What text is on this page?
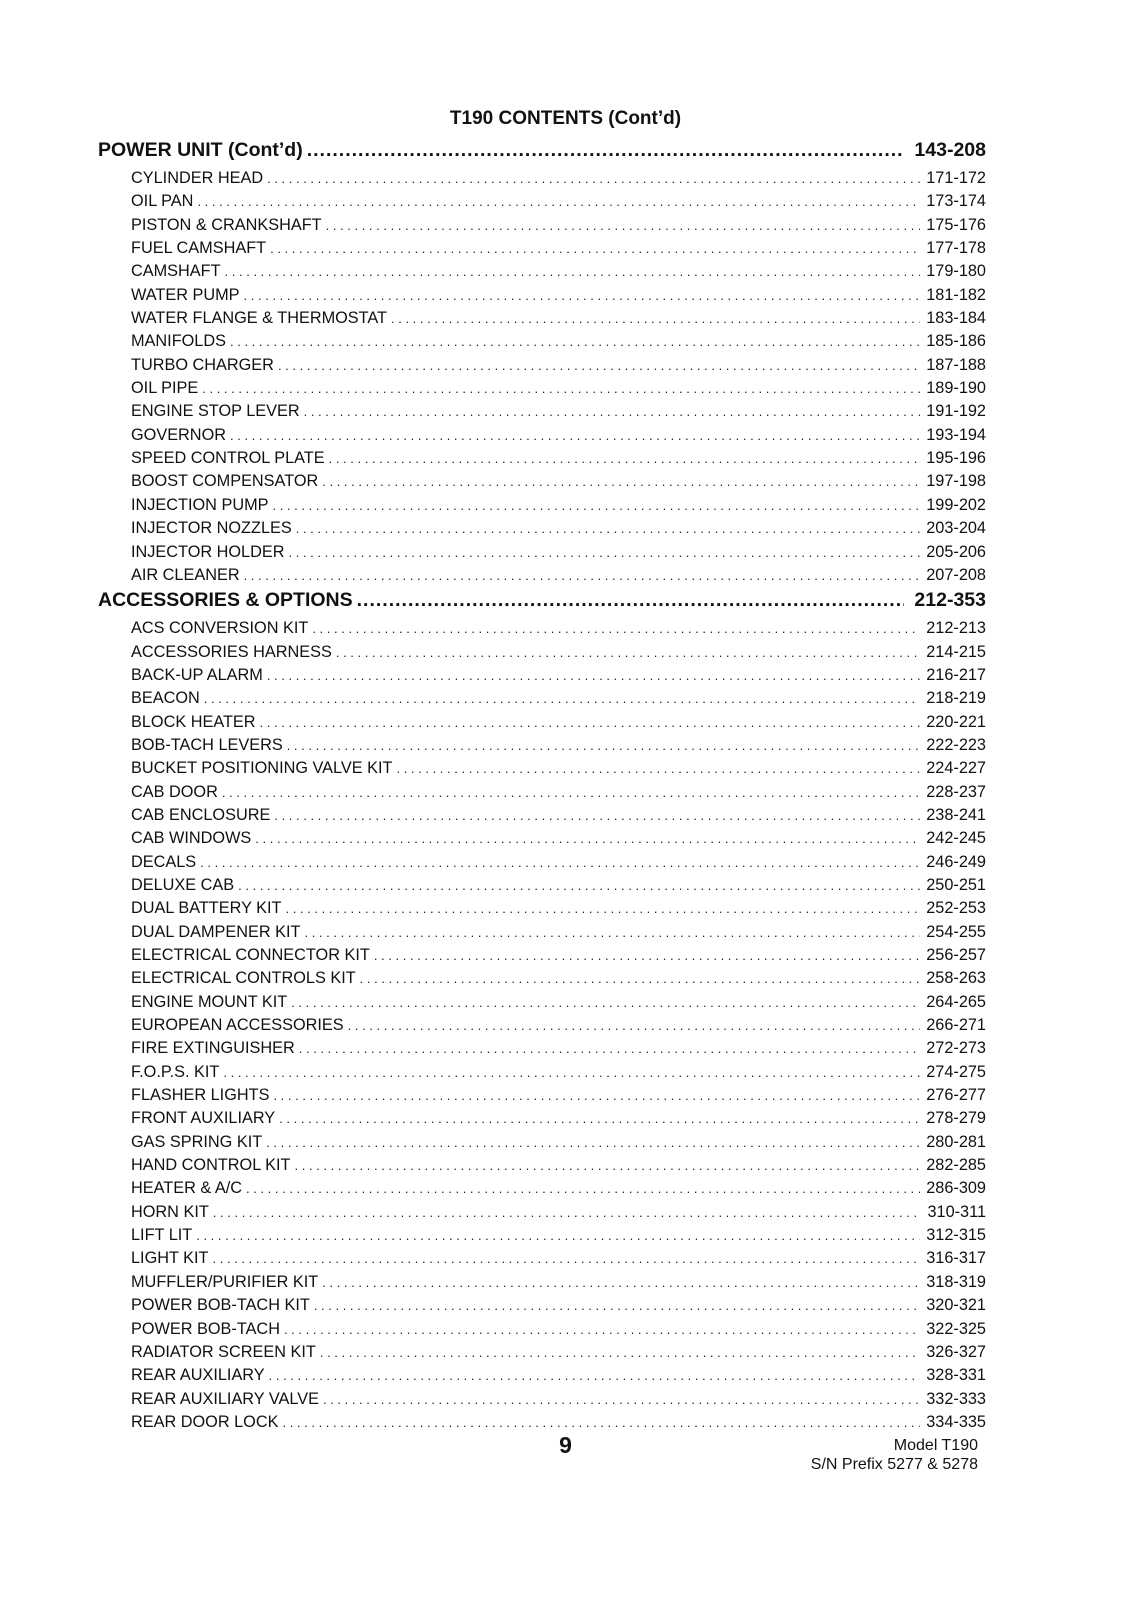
T190 CONTENTS (Cont’d)
POWER UNIT (Cont’d) .....	143-208
CYLINDER HEAD . . .	171-172
OIL PAN . . .	173-174
PISTON & CRANKSHAFT . . .	175-176
FUEL CAMSHAFT . . .	177-178
CAMSHAFT . . .	179-180
WATER PUMP . . .	181-182
WATER FLANGE & THERMOSTAT . . .	183-184
MANIFOLDS . . .	185-186
TURBO CHARGER . . .	187-188
OIL PIPE . . .	189-190
ENGINE STOP LEVER . . .	191-192
GOVERNOR . . .	193-194
SPEED CONTROL PLATE . . .	195-196
BOOST COMPENSATOR . . .	197-198
INJECTION PUMP . . .	199-202
INJECTOR NOZZLES . . .	203-204
INJECTOR HOLDER . . .	205-206
AIR CLEANER . . .	207-208
ACCESSORIES & OPTIONS .....	212-353
ACS CONVERSION KIT . . .	212-213
ACCESSORIES HARNESS . . .	214-215
BACK-UP ALARM . . .	216-217
BEACON . . .	218-219
BLOCK HEATER . . .	220-221
BOB-TACH LEVERS . . .	222-223
BUCKET POSITIONING VALVE KIT . . .	224-227
CAB DOOR . . .	228-237
CAB ENCLOSURE . . .	238-241
CAB WINDOWS . . .	242-245
DECALS . . .	246-249
DELUXE CAB . . .	250-251
DUAL BATTERY KIT . . .	252-253
DUAL DAMPENER KIT . . .	254-255
ELECTRICAL CONNECTOR KIT . . .	256-257
ELECTRICAL CONTROLS KIT . . .	258-263
ENGINE MOUNT KIT . . .	264-265
EUROPEAN ACCESSORIES . . .	266-271
FIRE EXTINGUISHER . . .	272-273
F.O.P.S. KIT . . .	274-275
FLASHER LIGHTS . . .	276-277
FRONT AUXILIARY . . .	278-279
GAS SPRING KIT . . .	280-281
HAND CONTROL KIT . . .	282-285
HEATER & A/C . . .	286-309
HORN KIT . . .	310-311
LIFT LIT . . .	312-315
LIGHT KIT . . .	316-317
MUFFLER/PURIFIER KIT . . .	318-319
POWER BOB-TACH KIT . . .	320-321
POWER BOB-TACH . . .	322-325
RADIATOR SCREEN KIT . . .	326-327
REAR AUXILIARY . . .	328-331
REAR AUXILIARY VALVE . . .	332-333
REAR DOOR LOCK . . .	334-335
9	Model T190
S/N Prefix 5277 & 5278
